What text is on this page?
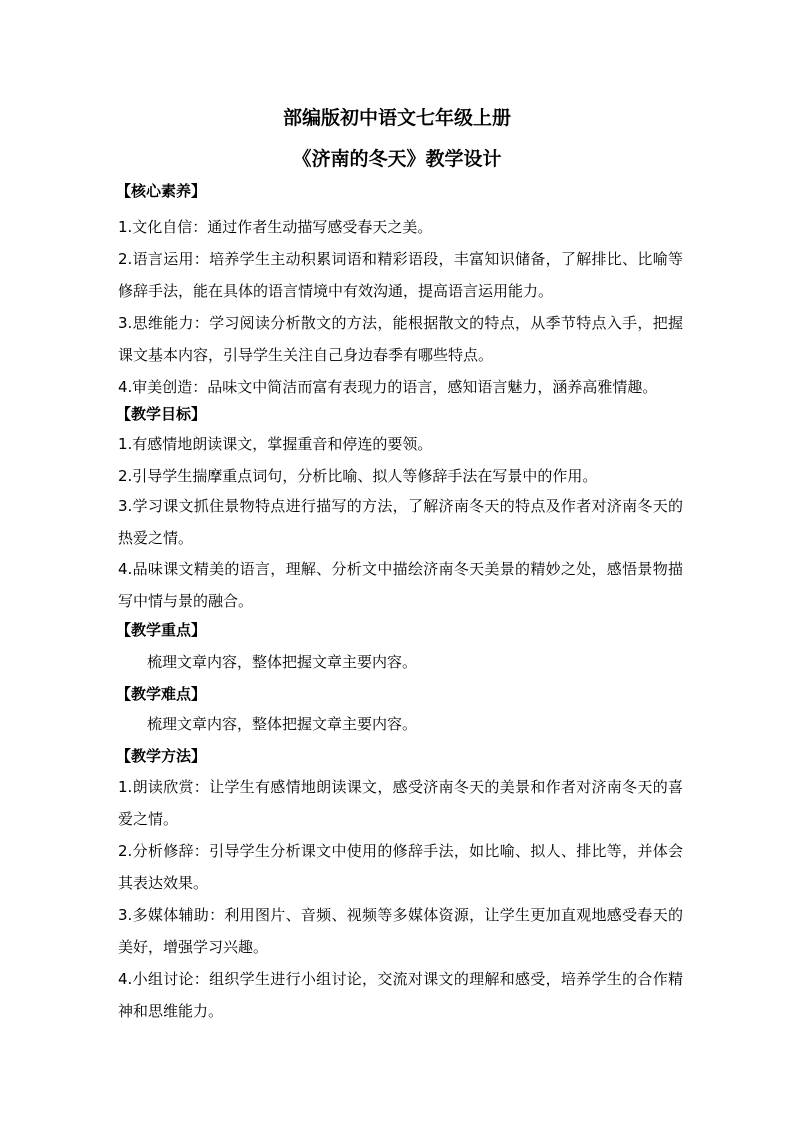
部编版初中语文七年级上册
《济南的冬天》教学设计
【核心素养】

1.文化自信：通过作者生动描写感受春天之美。

2.语言运用：培养学生主动积累词语和精彩语段，丰富知识储备，了解排比、比喻等修辞手法，能在具体的语言情境中有效沟通，提高语言运用能力。

3.思维能力：学习阅读分析散文的方法，能根据散文的特点，从季节特点入手，把握课文基本内容，引导学生关注自己身边春季有哪些特点。

4.审美创造：品味文中简洁而富有表现力的语言，感知语言魅力，涵养高雅情趣。

【教学目标】

1.有感情地朗读课文，掌握重音和停连的要领。

2.引导学生揣摩重点词句，分析比喻、拟人等修辞手法在写景中的作用。

3.学习课文抓住景物特点进行描写的方法，了解济南冬天的特点及作者对济南冬天的热爱之情。

4.品味课文精美的语言，理解、分析文中描绘济南冬天美景的精妙之处，感悟景物描写中情与景的融合。

【教学重点】

梳理文章内容，整体把握文章主要内容。

【教学难点】

梳理文章内容，整体把握文章主要内容。

【教学方法】

1.朗读欣赏：让学生有感情地朗读课文，感受济南冬天的美景和作者对济南冬天的喜爱之情。

2.分析修辞：引导学生分析课文中使用的修辞手法，如比喻、拟人、排比等，并体会其表达效果。

3.多媒体辅助：利用图片、音频、视频等多媒体资源，让学生更加直观地感受春天的美好，增强学习兴趣。

4.小组讨论：组织学生进行小组讨论，交流对课文的理解和感受，培养学生的合作精神和思维能力。
